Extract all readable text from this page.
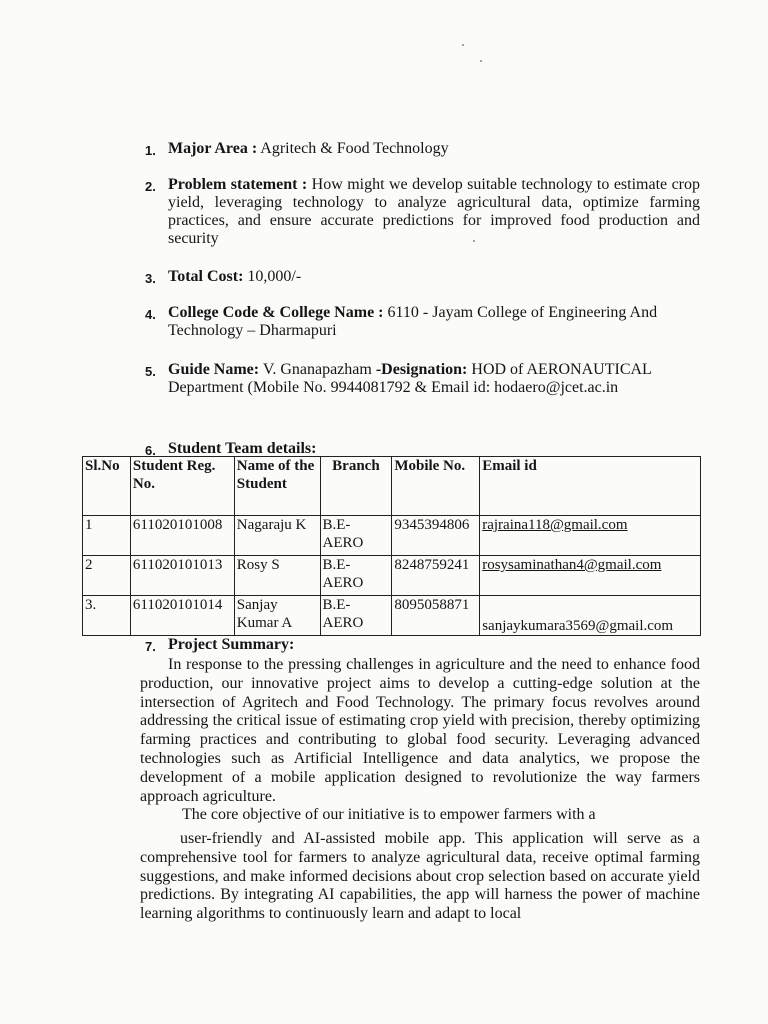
1. Major Area : Agritech & Food Technology
2. Problem statement : How might we develop suitable technology to estimate crop yield, leveraging technology to analyze agricultural data, optimize farming practices, and ensure accurate predictions for improved food production and security
3. Total Cost: 10,000/-
4. College Code & College Name : 6110 - Jayam College of Engineering And Technology – Dharmapuri
5. Guide Name: V. Gnanapazham -Designation: HOD of AERONAUTICAL Department (Mobile No. 9944081792 & Email id: hodaero@jcet.ac.in
6. Student Team details:
Sl.No	Student Reg. No.	Name of the Student	Branch	Mobile No.	Email id
1	611020101008	Nagaraju K	B.E-AERO	9345394806	rajraina118@gmail.com
2	611020101013	Rosy S	B.E-AERO	8248759241	rosysaminathan4@gmail.com
3.	611020101014	Sanjay Kumar A	B.E-AERO	8095058871	sanjaykumara3569@gmail.com
7. Project Summary:
In response to the pressing challenges in agriculture and the need to enhance food production, our innovative project aims to develop a cutting-edge solution at the intersection of Agritech and Food Technology. The primary focus revolves around addressing the critical issue of estimating crop yield with precision, thereby optimizing farming practices and contributing to global food security. Leveraging advanced technologies such as Artificial Intelligence and data analytics, we propose the development of a mobile application designed to revolutionize the way farmers approach agriculture.
The core objective of our initiative is to empower farmers with a
user-friendly and AI-assisted mobile app. This application will serve as a comprehensive tool for farmers to analyze agricultural data, receive optimal farming suggestions, and make informed decisions about crop selection based on accurate yield predictions. By integrating AI capabilities, the app will harness the power of machine learning algorithms to continuously learn and adapt to local
